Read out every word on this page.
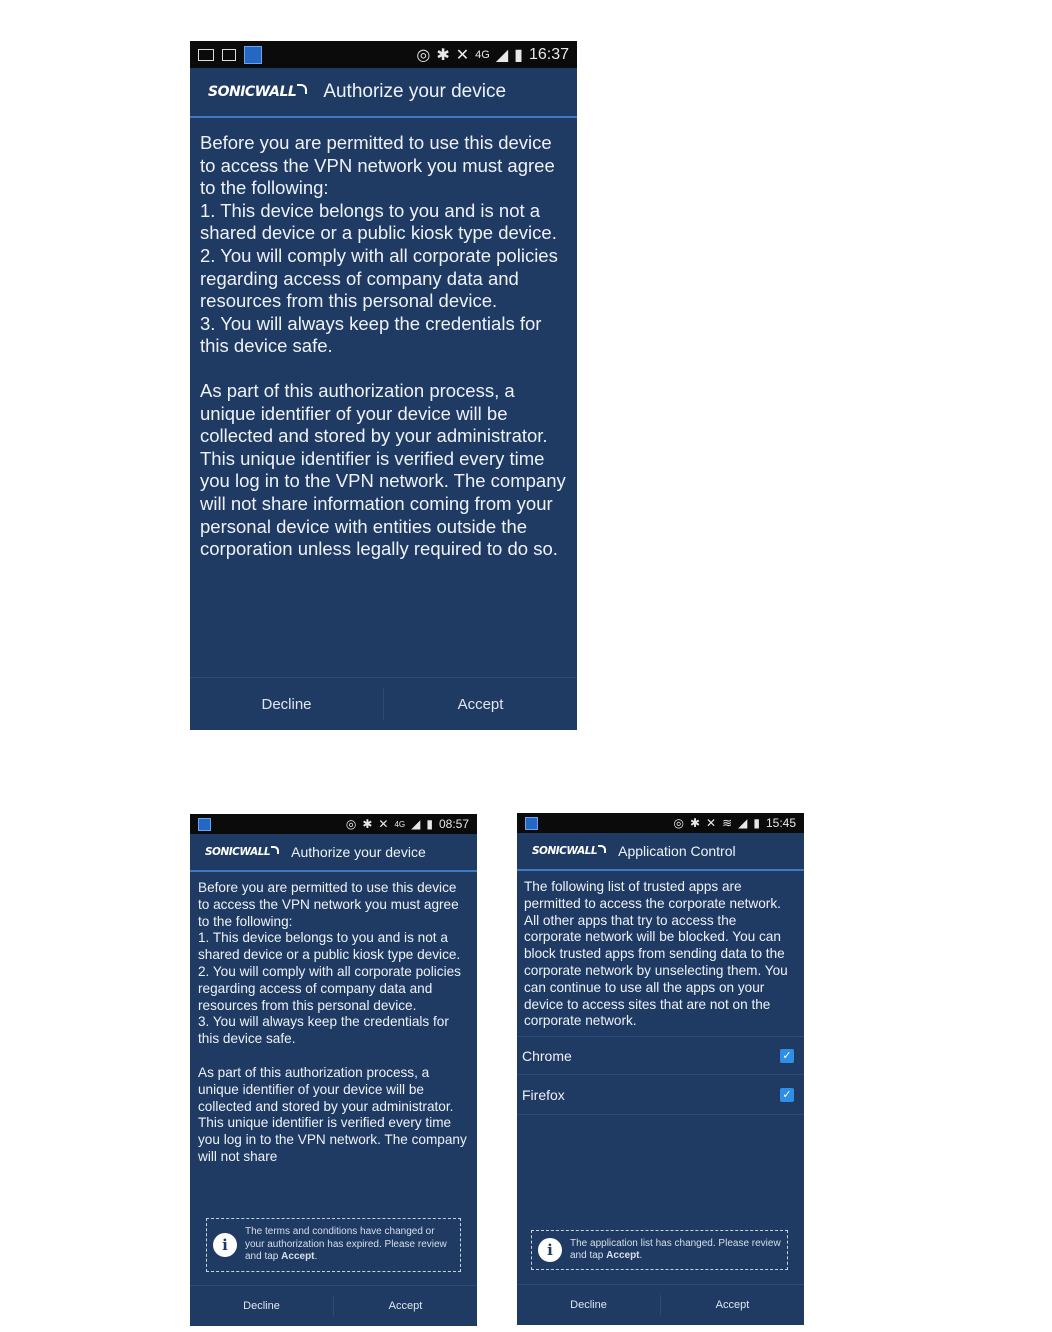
◎ ✱ ✕ 4G ◢ ▮ 16:37
SONICWALL Authorize your device
Before you are permitted to use this device to access the VPN network you must agree to the following:
1. This device belongs to you and is not a shared device or a public kiosk type device.
2. You will comply with all corporate policies regarding access of company data and resources from this personal device.
3. You will always keep the credentials for this device safe.
As part of this authorization process, a unique identifier of your device will be collected and stored by your administrator. This unique identifier is verified every time you log in to the VPN network. The company will not share information coming from your personal device with entities outside the corporation unless legally required to do so.
Decline	Accept
◎ ✱ ✕ 4G ◢ ▮ 08:57
SONICWALL Authorize your device
Before you are permitted to use this device to access the VPN network you must agree to the following:
1. This device belongs to you and is not a shared device or a public kiosk type device.
2. You will comply with all corporate policies regarding access of company data and resources from this personal device.
3. You will always keep the credentials for this device safe.
As part of this authorization process, a unique identifier of your device will be collected and stored by your administrator. This unique identifier is verified every time you log in to the VPN network. The company will not share
i
The terms and conditions have changed or your authorization has expired. Please review and tap Accept.
Decline	Accept
◎ ✱ ✕ ≋ ◢ ▮ 15:45
SONICWALL Application Control
The following list of trusted apps are permitted to access the corporate network. All other apps that try to access the corporate network will be blocked. You can block trusted apps from sending data to the corporate network by unselecting them. You can continue to use all the apps on your device to access sites that are not on the corporate network.
Chrome	✓
Firefox	✓
i	The application list has changed. Please review and tap Accept.
Decline	Accept
